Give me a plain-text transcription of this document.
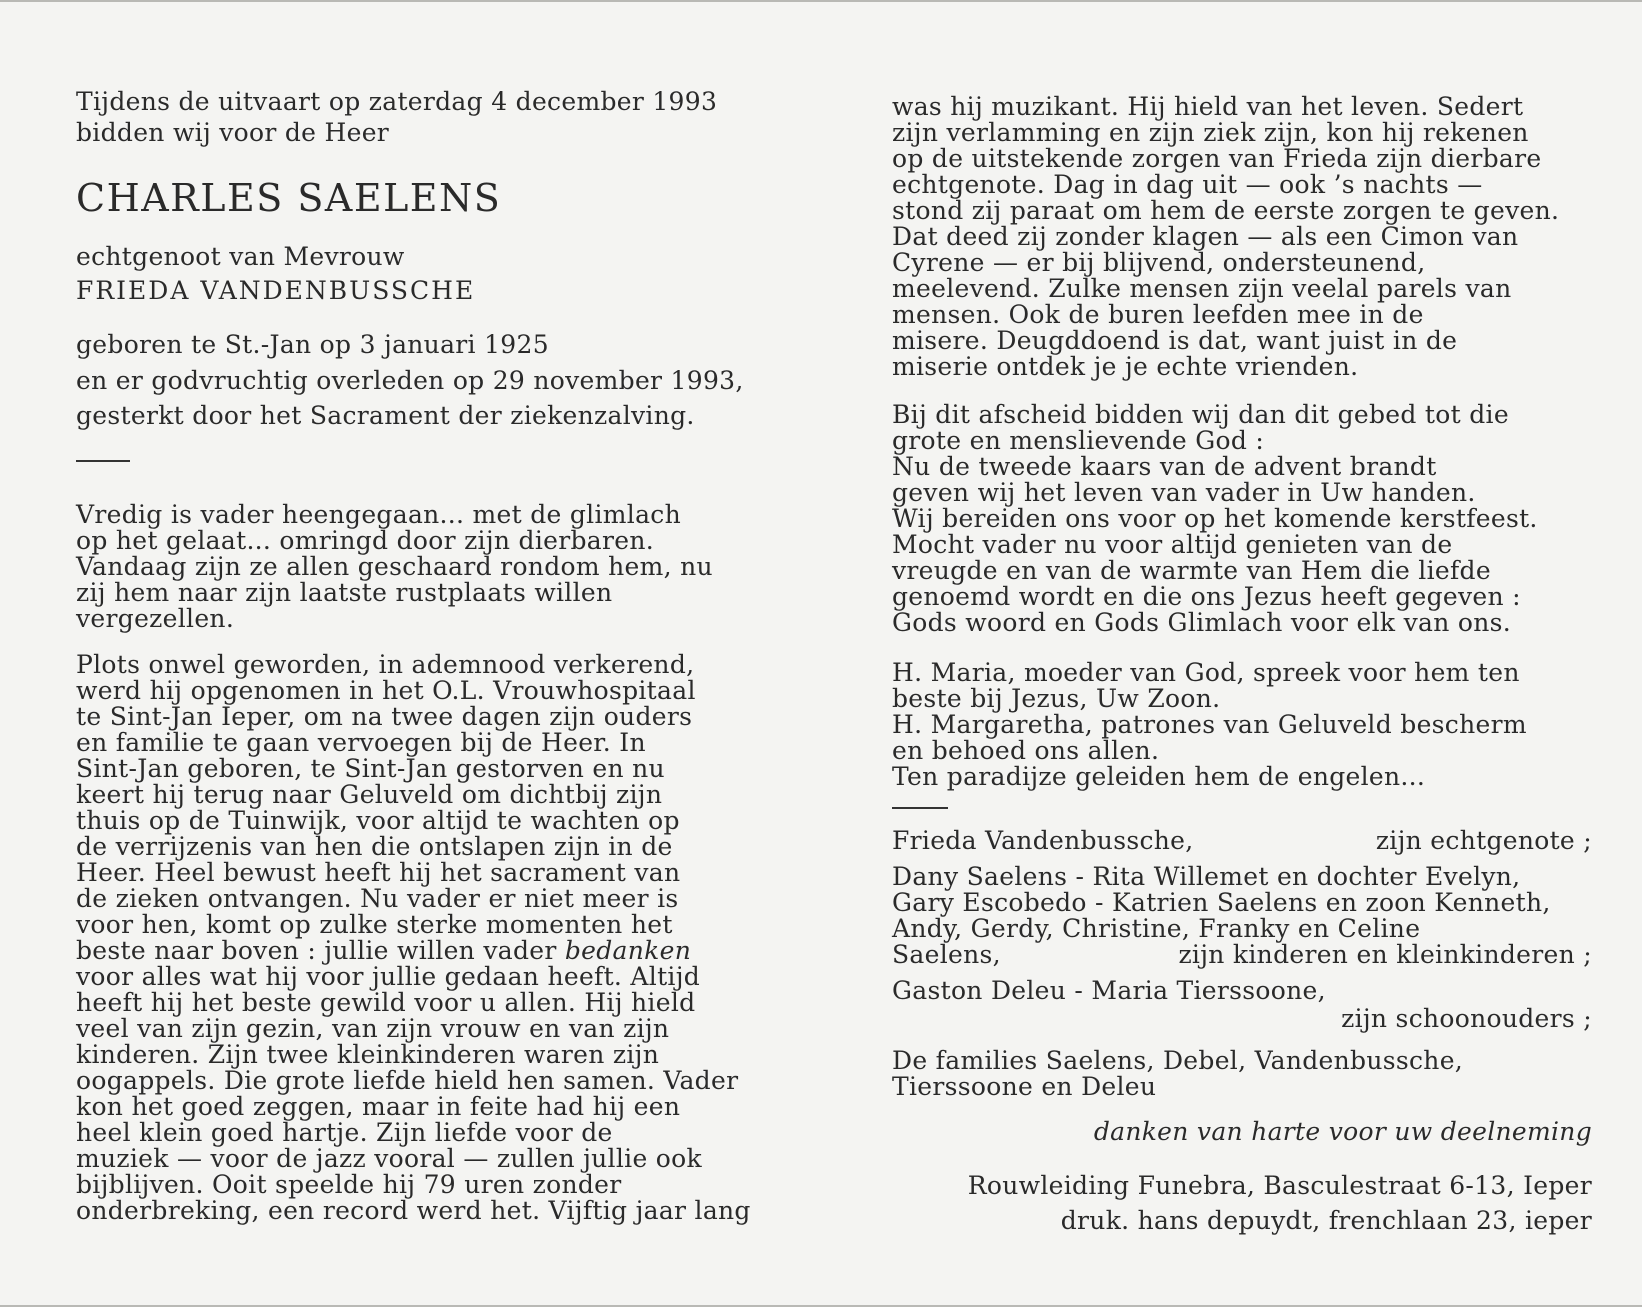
Tijdens de uitvaart op zaterdag 4 december 1993
bidden wij voor de Heer
CHARLES SAELENS
echtgenoot van Mevrouw
FRIEDA VANDENBUSSCHE
geboren te St.-Jan op 3 januari 1925
en er godvruchtig overleden op 29 november 1993,
gesterkt door het Sacrament der ziekenzalving.
Vredig is vader heengegaan... met de glimlach
op het gelaat... omringd door zijn dierbaren.
Vandaag zijn ze allen geschaard rondom hem, nu
zij hem naar zijn laatste rustplaats willen
vergezellen.
Plots onwel geworden, in ademnood verkerend,
werd hij opgenomen in het O.L. Vrouwhospitaal
te Sint-Jan Ieper, om na twee dagen zijn ouders
en familie te gaan vervoegen bij de Heer. In
Sint-Jan geboren, te Sint-Jan gestorven en nu
keert hij terug naar Geluveld om dichtbij zijn
thuis op de Tuinwijk, voor altijd te wachten op
de verrijzenis van hen die ontslapen zijn in de
Heer. Heel bewust heeft hij het sacrament van
de zieken ontvangen. Nu vader er niet meer is
voor hen, komt op zulke sterke momenten het
beste naar boven : jullie willen vader bedanken
voor alles wat hij voor jullie gedaan heeft. Altijd
heeft hij het beste gewild voor u allen. Hij hield
veel van zijn gezin, van zijn vrouw en van zijn
kinderen. Zijn twee kleinkinderen waren zijn
oogappels. Die grote liefde hield hen samen. Vader
kon het goed zeggen, maar in feite had hij een
heel klein goed hartje. Zijn liefde voor de
muziek — voor de jazz vooral — zullen jullie ook
bijblijven. Ooit speelde hij 79 uren zonder
onderbreking, een record werd het. Vijftig jaar lang
was hij muzikant. Hij hield van het leven. Sedert
zijn verlamming en zijn ziek zijn, kon hij rekenen
op de uitstekende zorgen van Frieda zijn dierbare
echtgenote. Dag in dag uit — ook ’s nachts —
stond zij paraat om hem de eerste zorgen te geven.
Dat deed zij zonder klagen — als een Cimon van
Cyrene — er bij blijvend, ondersteunend,
meelevend. Zulke mensen zijn veelal parels van
mensen. Ook de buren leefden mee in de
misere. Deugddoend is dat, want juist in de
miserie ontdek je je echte vrienden.
Bij dit afscheid bidden wij dan dit gebed tot die
grote en menslievende God :
Nu de tweede kaars van de advent brandt
geven wij het leven van vader in Uw handen.
Wij bereiden ons voor op het komende kerstfeest.
Mocht vader nu voor altijd genieten van de
vreugde en van de warmte van Hem die liefde
genoemd wordt en die ons Jezus heeft gegeven :
Gods woord en Gods Glimlach voor elk van ons.
H. Maria, moeder van God, spreek voor hem ten
beste bij Jezus, Uw Zoon.
H. Margaretha, patrones van Geluveld bescherm
en behoed ons allen.
Ten paradijze geleiden hem de engelen...
Frieda Vandenbussche,	zijn echtgenote ;
Dany Saelens - Rita Willemet en dochter Evelyn,
Gary Escobedo - Katrien Saelens en zoon Kenneth,
Andy, Gerdy, Christine, Franky en Celine
Saelens,	zijn kinderen en kleinkinderen ;
Gaston Deleu - Maria Tierssoone,
zijn schoonouders ;
De families Saelens, Debel, Vandenbussche,
Tierssoone en Deleu
danken van harte voor uw deelneming
Rouwleiding Funebra, Basculestraat 6-13, Ieper
druk. hans depuydt, frenchlaan 23, ieper
